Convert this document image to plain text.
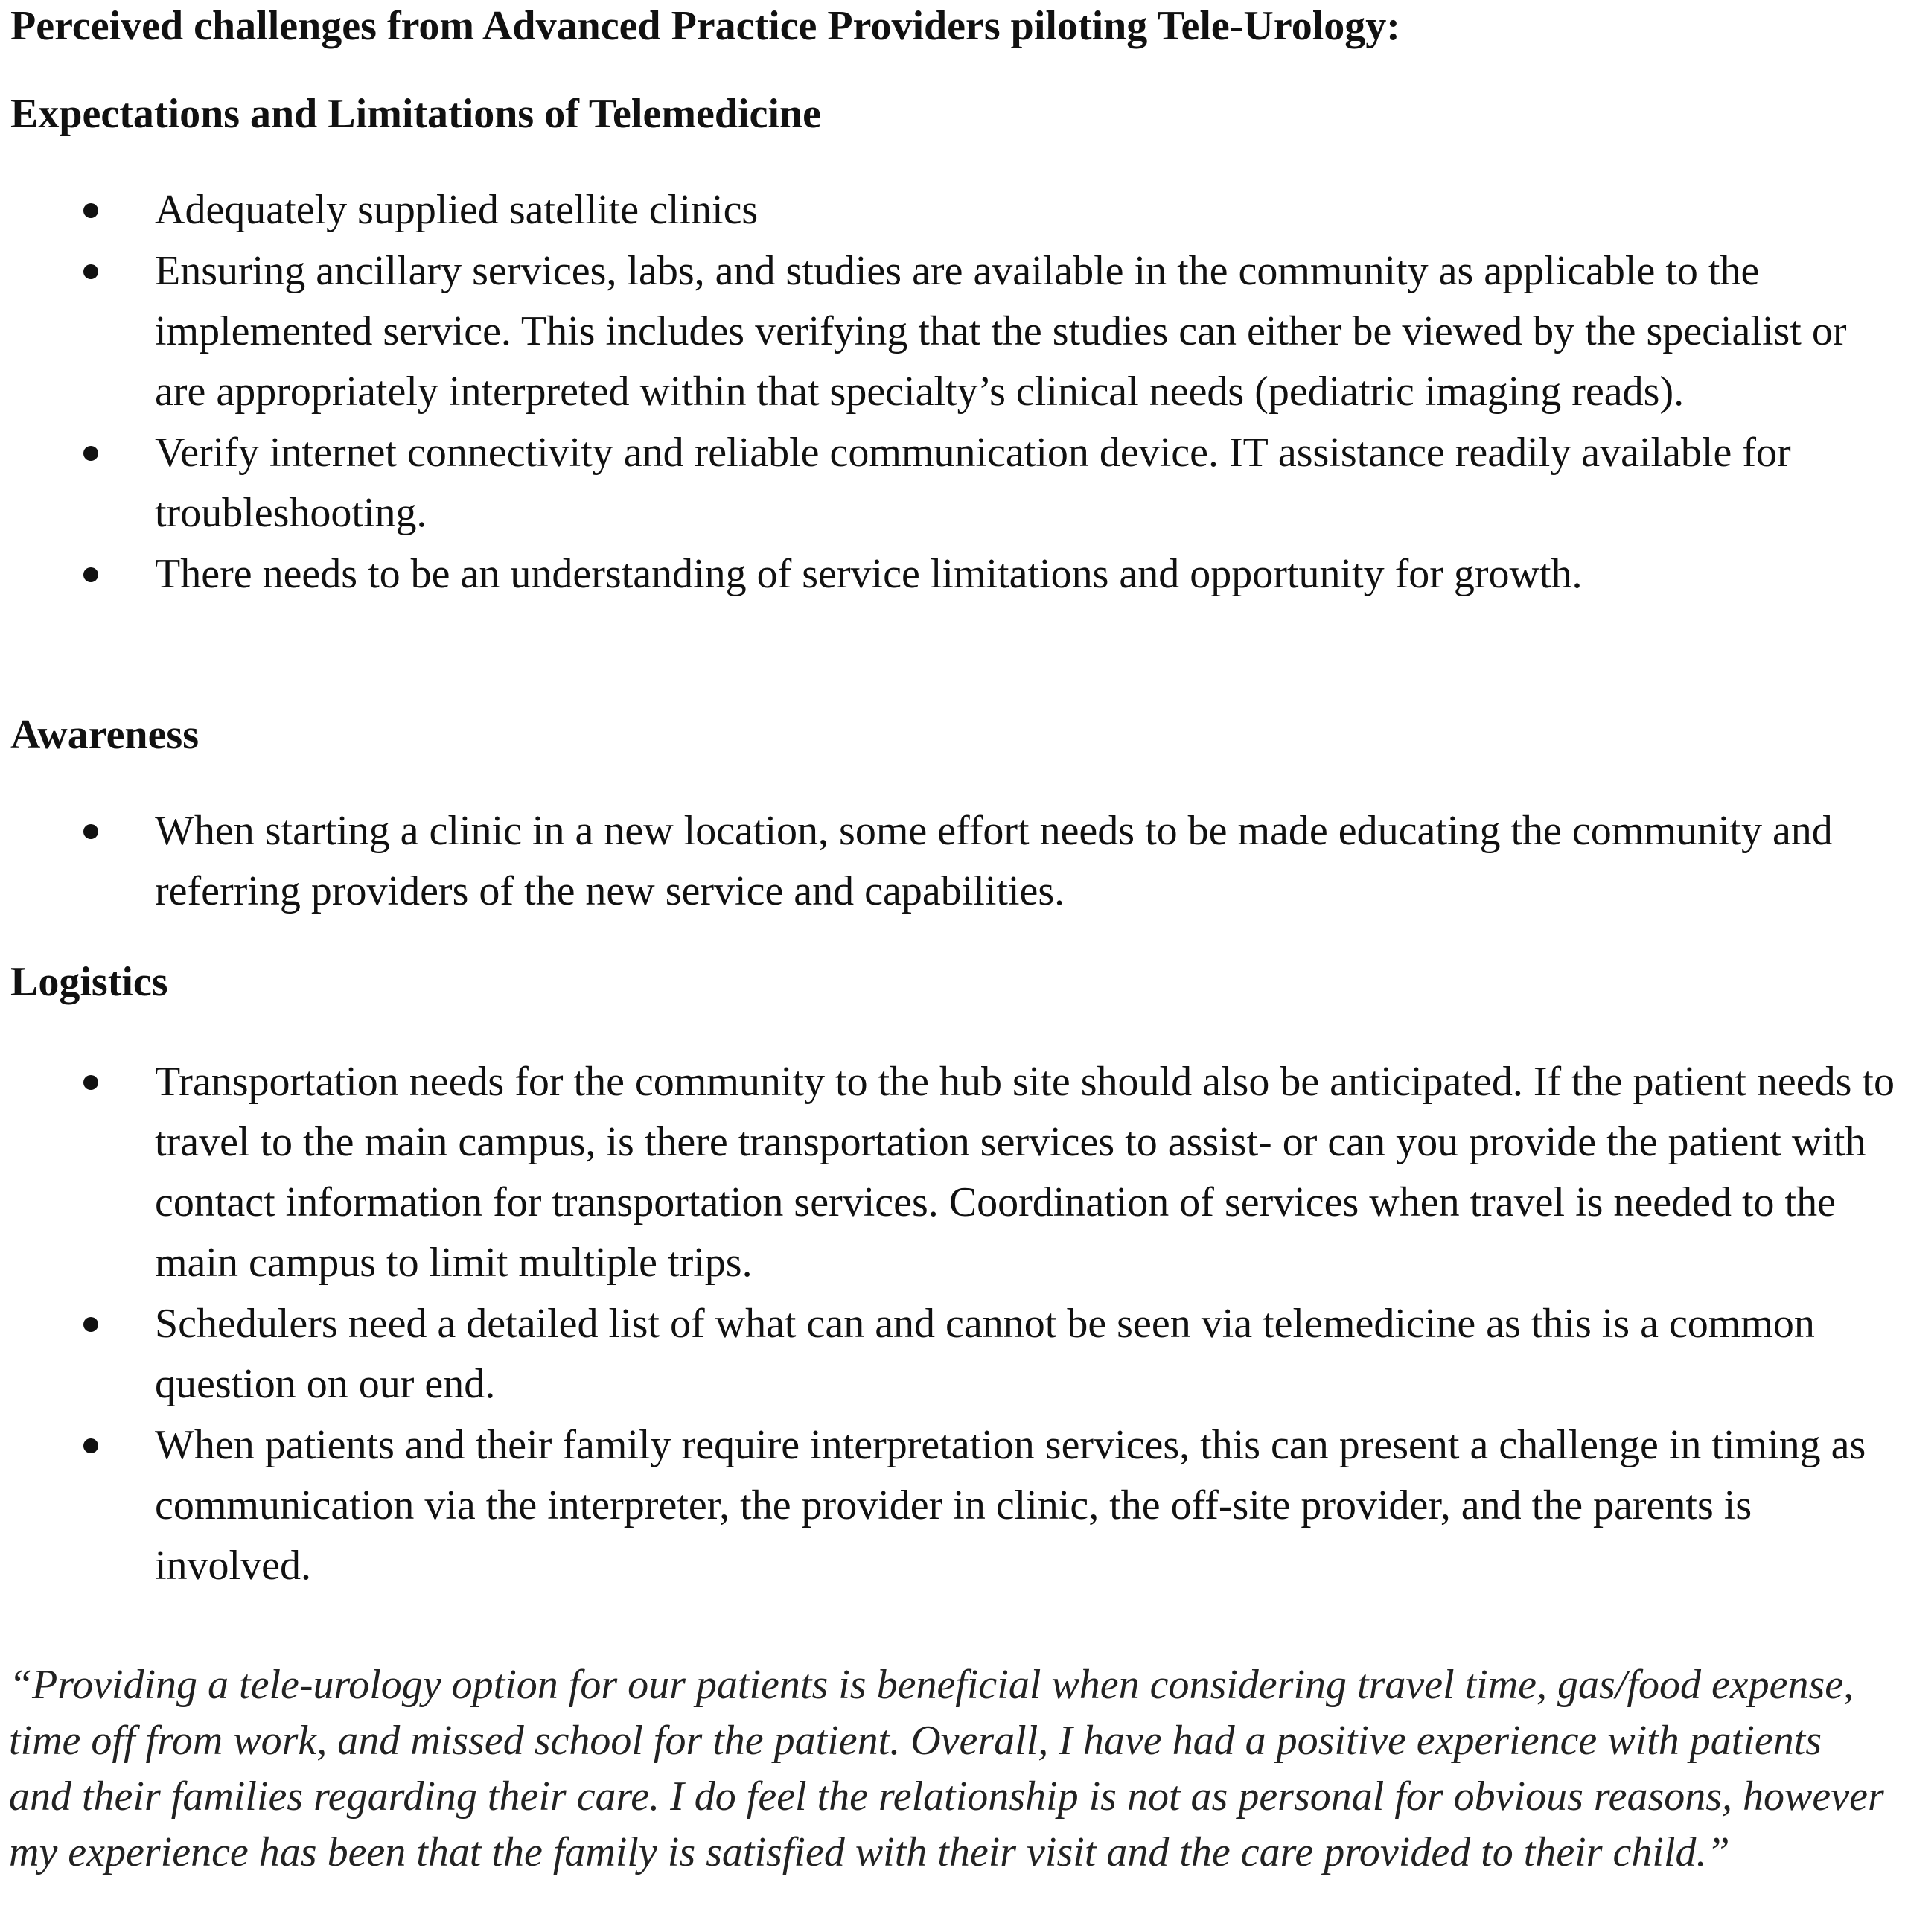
Perceived challenges from Advanced Practice Providers piloting Tele-Urology:
Expectations and Limitations of Telemedicine
Adequately supplied satellite clinics
Ensuring ancillary services, labs, and studies are available in the community as applicable to the implemented service. This includes verifying that the studies can either be viewed by the specialist or are appropriately interpreted within that specialty’s clinical needs (pediatric imaging reads).
Verify internet connectivity and reliable communication device. IT assistance readily available for troubleshooting.
There needs to be an understanding of service limitations and opportunity for growth.
Awareness
When starting a clinic in a new location, some effort needs to be made educating the community and referring providers of the new service and capabilities.
Logistics
Transportation needs for the community to the hub site should also be anticipated. If the patient needs to travel to the main campus, is there transportation services to assist- or can you provide the patient with contact information for transportation services. Coordination of services when travel is needed to the main campus to limit multiple trips.
Schedulers need a detailed list of what can and cannot be seen via telemedicine as this is a common question on our end.
When patients and their family require interpretation services, this can present a challenge in timing as communication via the interpreter, the provider in clinic, the off-site provider, and the parents is involved.
“Providing a tele-urology option for our patients is beneficial when considering travel time, gas/food expense, time off from work, and missed school for the patient. Overall, I have had a positive experience with patients and their families regarding their care. I do feel the relationship is not as personal for obvious reasons, however my experience has been that the family is satisfied with their visit and the care provided to their child.”
